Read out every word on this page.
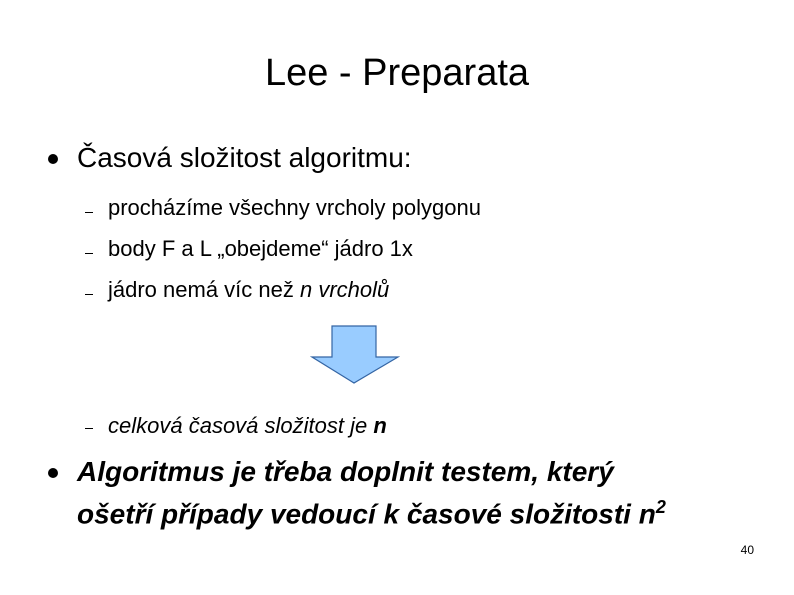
Lee - Preparata
Časová složitost algoritmu:
procházíme všechny vrcholy polygonu
body F a L „obejdeme“ jádro 1x
jádro nemá víc než n vrcholů
celková časová složitost je n
Algoritmus je třeba doplnit testem, který
ošetří případy vedoucí k časové složitosti $n^2$
40
